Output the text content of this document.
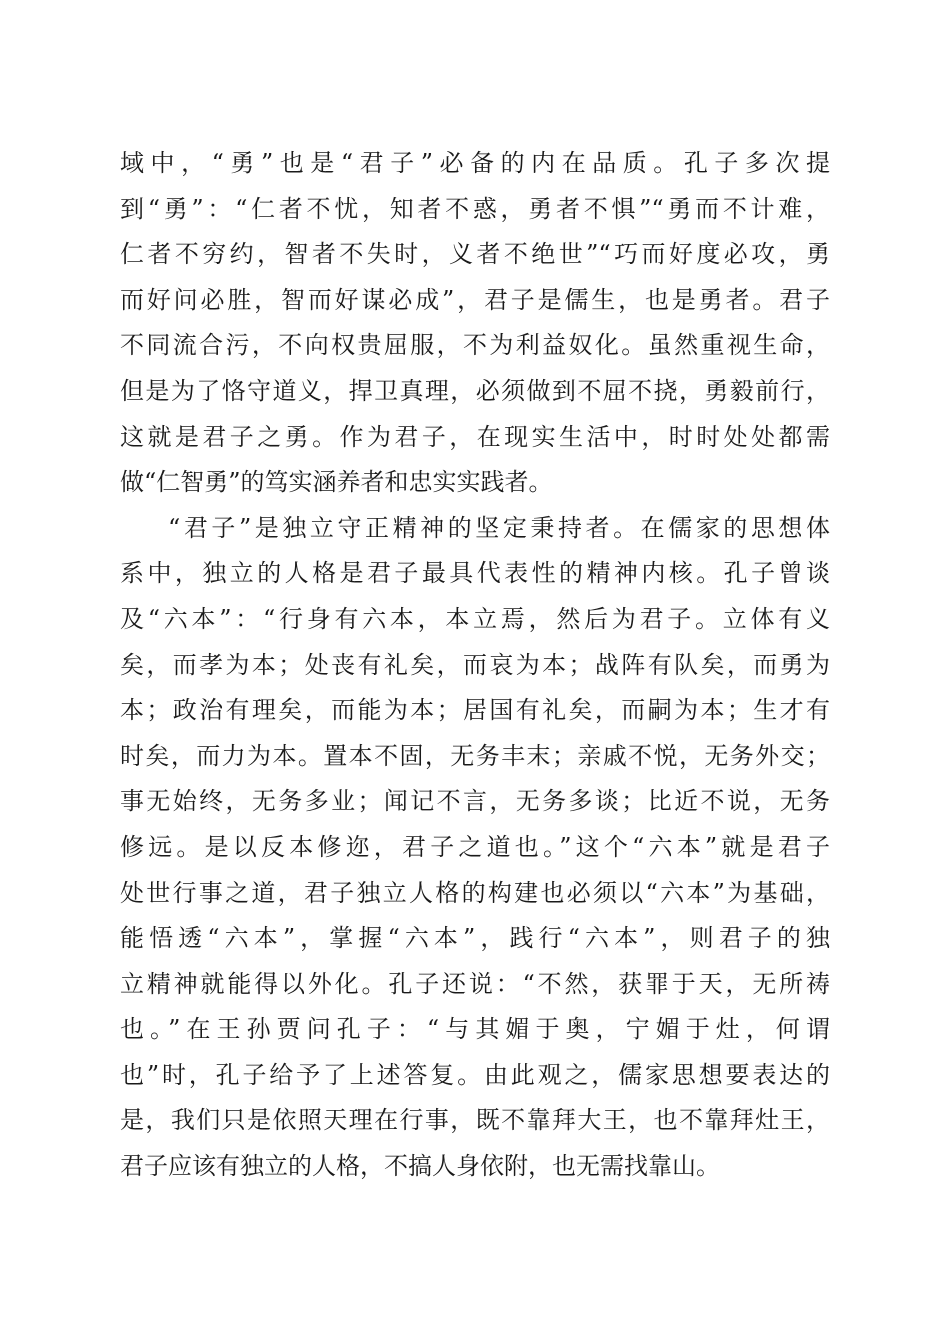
域中，“勇”也是“君子”必备的内在品质。孔子多次提
到“勇”：“仁者不忧，知者不惑，勇者不惧”“勇而不计难，
仁者不穷约，智者不失时，义者不绝世”“巧而好度必攻，勇
而好问必胜，智而好谋必成”，君子是儒生，也是勇者。君子
不同流合污，不向权贵屈服，不为利益奴化。虽然重视生命，
但是为了恪守道义，捍卫真理，必须做到不屈不挠，勇毅前行，
这就是君子之勇。作为君子，在现实生活中，时时处处都需
做“仁智勇”的笃实涵养者和忠实实践者。
“君子”是独立守正精神的坚定秉持者。在儒家的思想体
系中，独立的人格是君子最具代表性的精神内核。孔子曾谈
及“六本”：“行身有六本，本立焉，然后为君子。立体有义
矣，而孝为本；处丧有礼矣，而哀为本；战阵有队矣，而勇为
本；政治有理矣，而能为本；居国有礼矣，而嗣为本；生才有
时矣，而力为本。置本不固，无务丰末；亲戚不悦，无务外交；
事无始终，无务多业；闻记不言，无务多谈；比近不说，无务
修远。是以反本修迩，君子之道也。”这个“六本”就是君子
处世行事之道，君子独立人格的构建也必须以“六本”为基础，
能悟透“六本”，掌握“六本”，践行“六本”，则君子的独
立精神就能得以外化。孔子还说：“不然，获罪于天，无所祷
也。”在王孙贾问孔子：“与其媚于奥，宁媚于灶，何谓
也”时，孔子给予了上述答复。由此观之，儒家思想要表达的
是，我们只是依照天理在行事，既不靠拜大王，也不靠拜灶王，
君子应该有独立的人格，不搞人身依附，也无需找靠山。
